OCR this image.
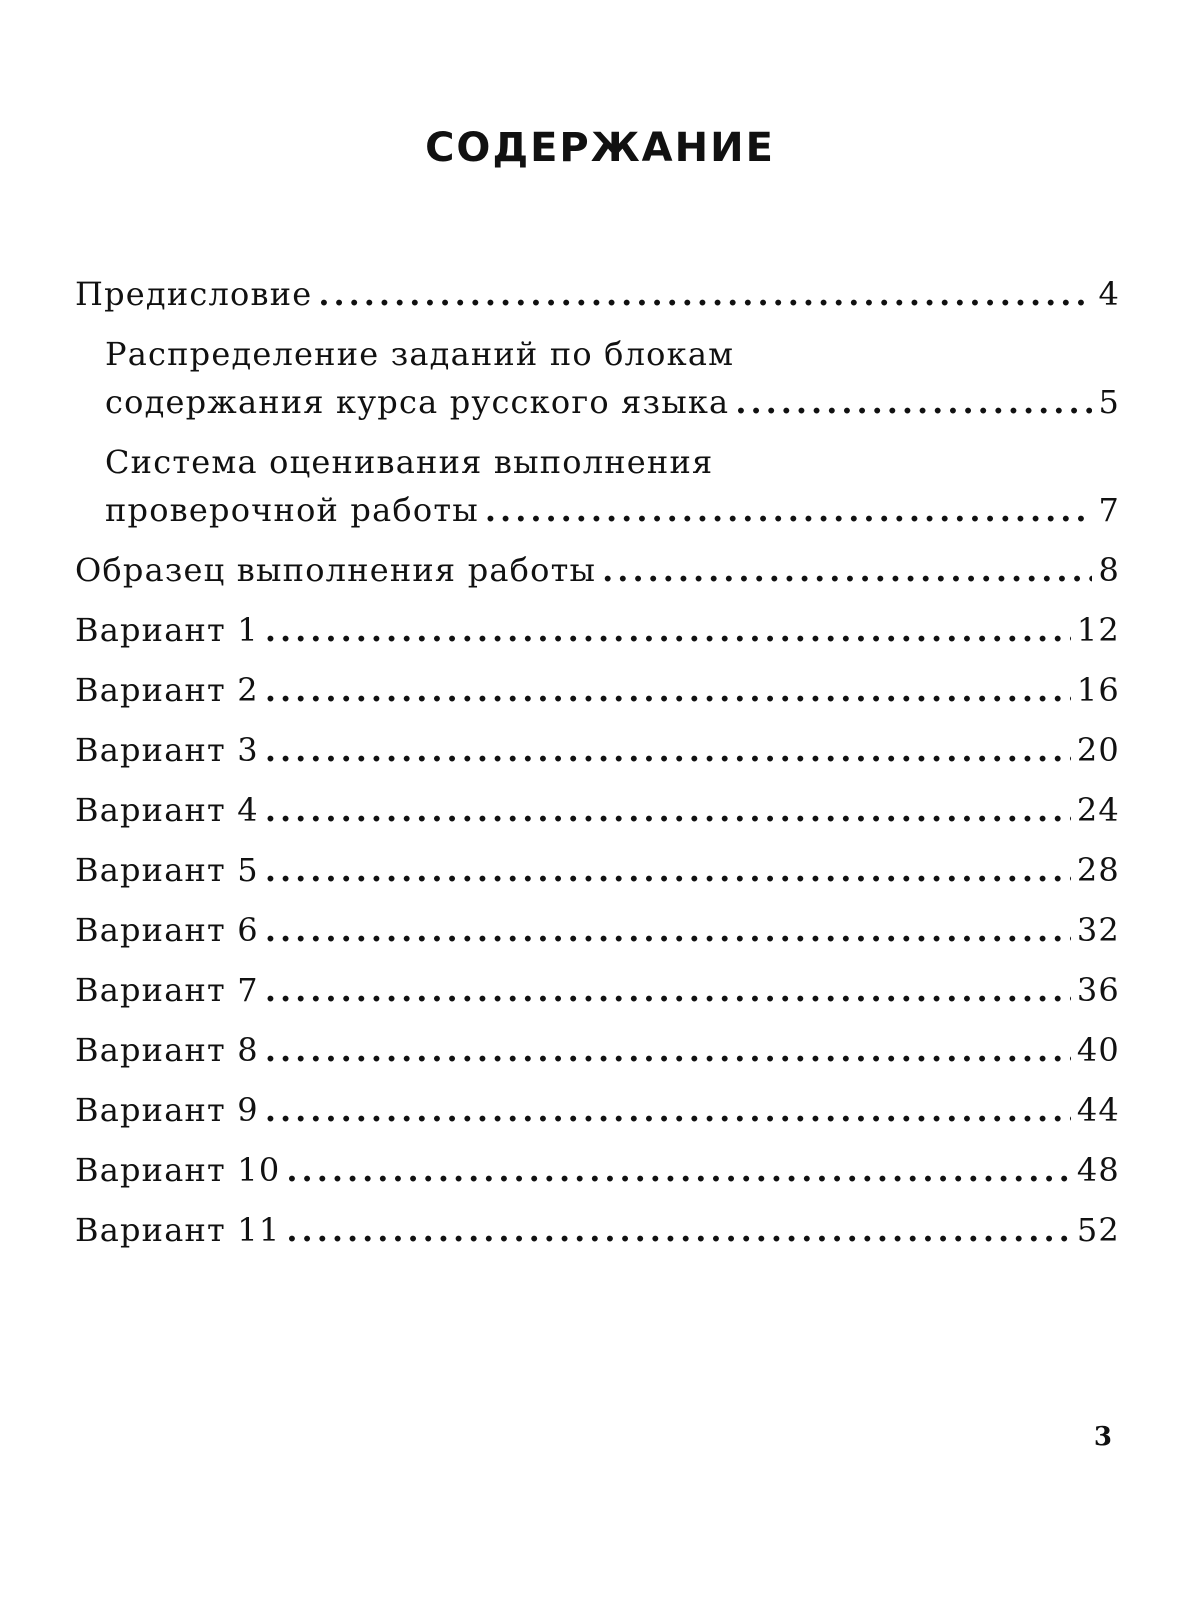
СОДЕРЖАНИЕ
Предисловие .....	4
Распределение заданий по блокам
содержания курса русского языка .....	5
Система оценивания выполнения
проверочной работы .....	7
Образец выполнения работы .....	8
Вариант 1 .....	12
Вариант 2 .....	16
Вариант 3 .....	20
Вариант 4 .....	24
Вариант 5 .....	28
Вариант 6 .....	32
Вариант 7 .....	36
Вариант 8 .....	40
Вариант 9 .....	44
Вариант 10 .....	48
Вариант 11 .....	52
3
